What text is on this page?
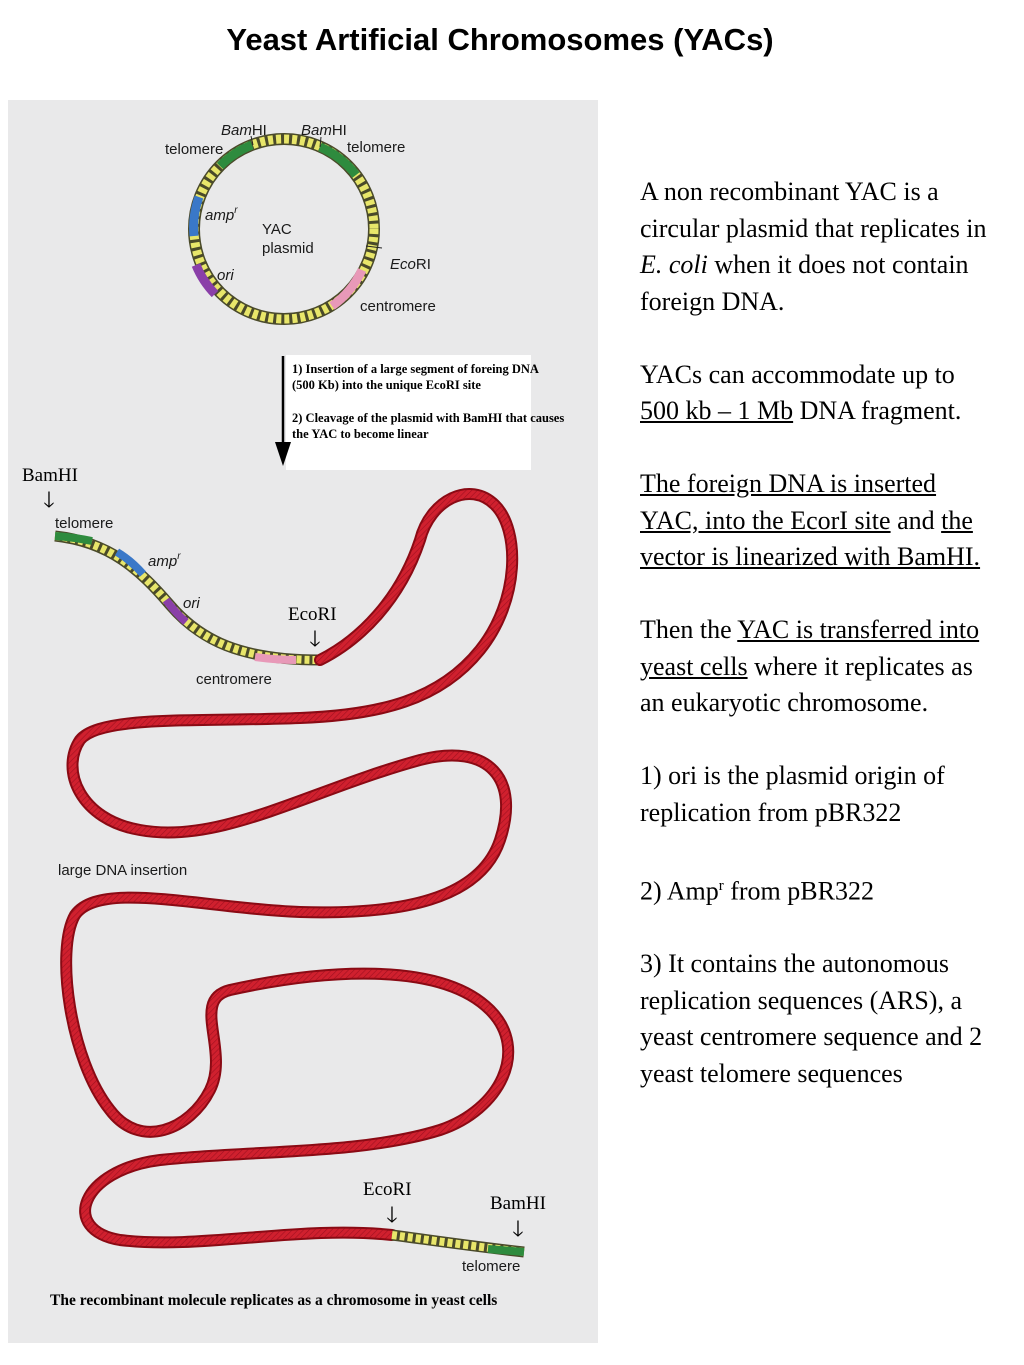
Yeast Artificial Chromosomes (YACs)
BamHI BamHI
telomere	telomere
amp$^r$
YAC
plasmid
ori
EcoRI
centromere
1) Insertion of a large segment of foreing DNA
(500 Kb) into the unique EcoRI site
2) Cleavage of the plasmid with BamHI that causes
the YAC to become linear
BamHI
🡓
telomere
amp$^r$
ori
EcoRI
🡓
centromere
large DNA insertion
EcoRI
🡓	BamHI
🡓
telomere
The recombinant molecule replicates as a chromosome in yeast cells

A non recombinant YAC is a circular plasmid that replicates in E. coli when it does not contain foreign DNA.

YACs can accommodate up to 500 kb – 1 Mb DNA fragment.

The foreign DNA is inserted YAC, into the EcorI site and the vector is linearized with BamHI.

Then the YAC is transferred into yeast cells where it replicates as an eukaryotic chromosome.

1) ori is the plasmid origin of replication from pBR322

2) Amp$^r$ from pBR322

3) It contains the autonomous replication sequences (ARS), a yeast centromere sequence and 2 yeast telomere sequences
